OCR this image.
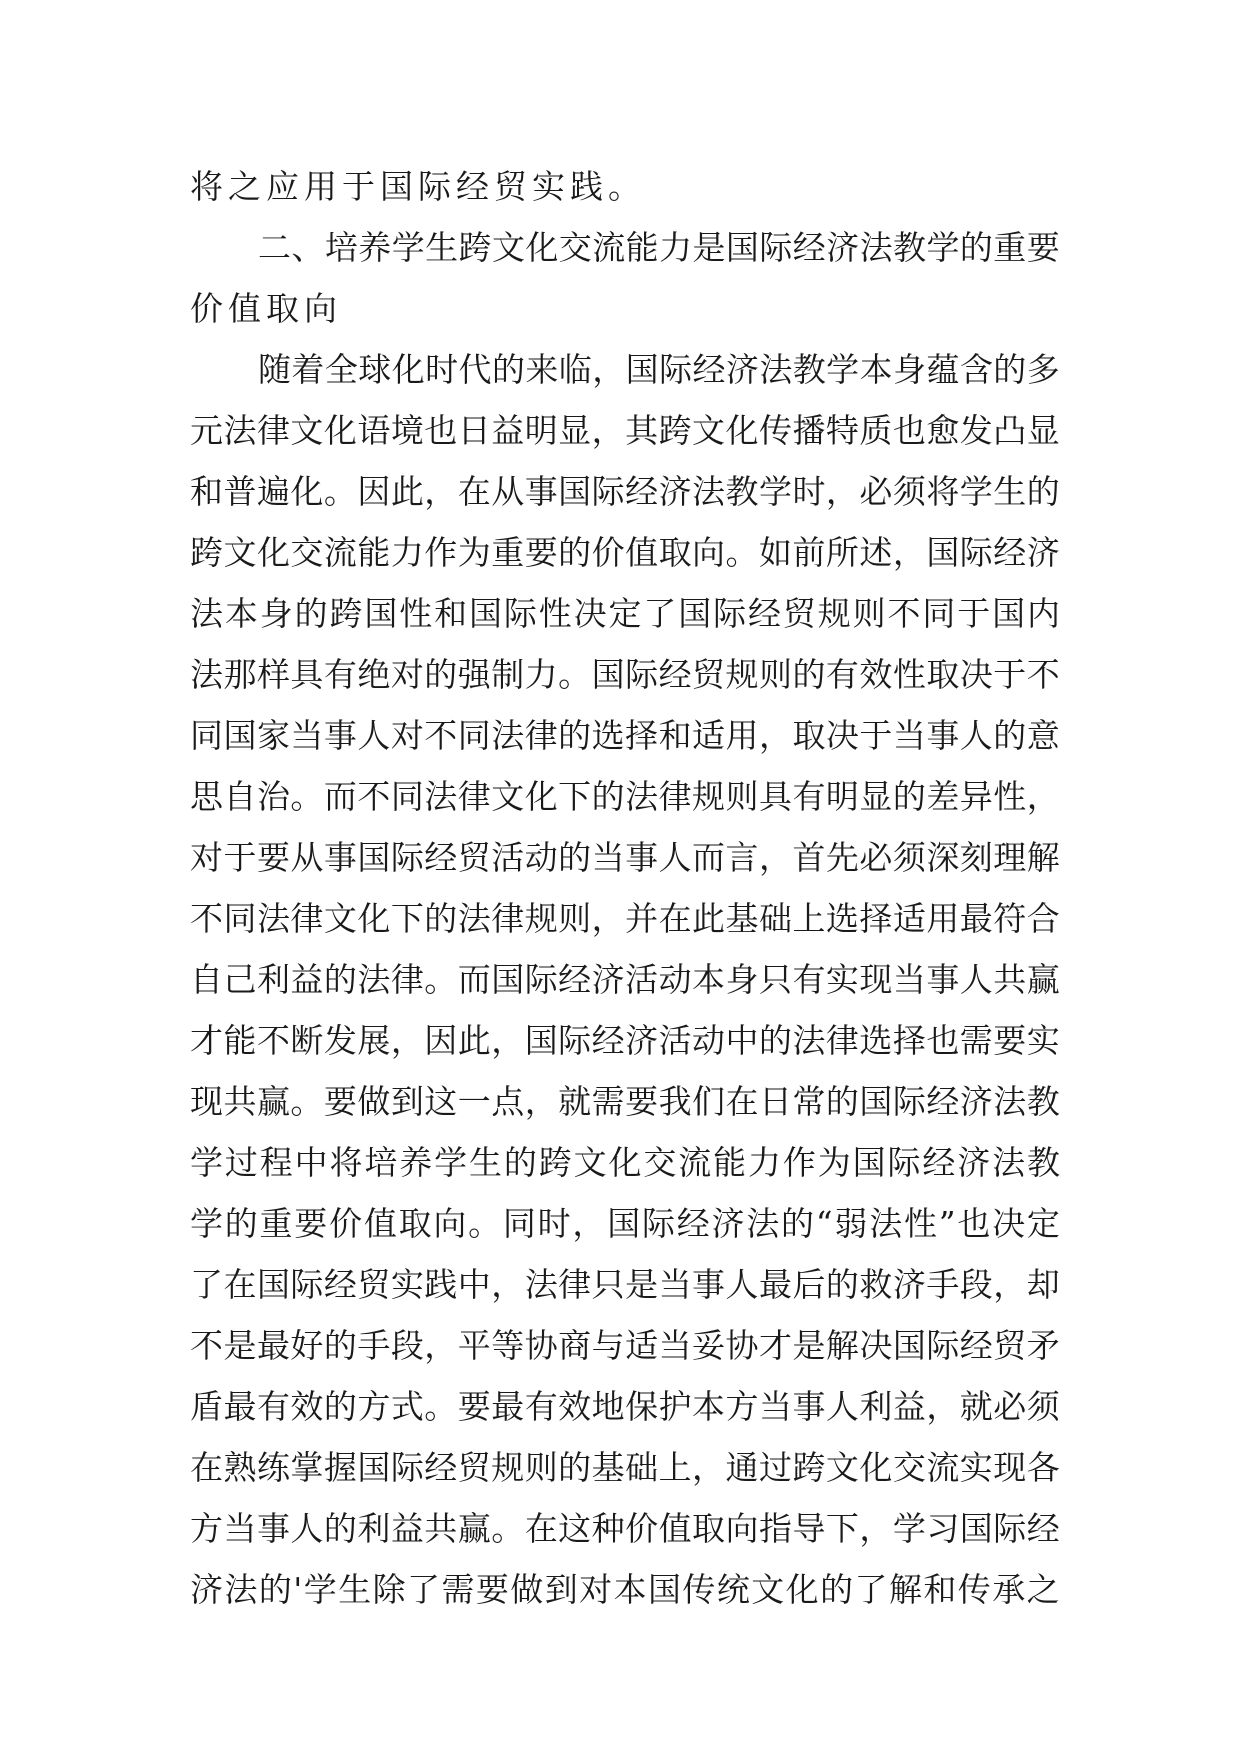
将 之 应 用 于 国 际 经 贸 实 践 。
二 、 培 养 学 生 跨 文 化 交 流 能 力 是 国 际 经 济 法 教 学 的 重 要
价 值 取 向
随 着 全 球 化 时 代 的 来 临 ， 国 际 经 济 法 教 学 本 身 蕴 含 的 多
元 法 律 文 化 语 境 也 日 益 明 显 ， 其 跨 文 化 传 播 特 质 也 愈 发 凸 显
和 普 遍 化 。 因 此 ， 在 从 事 国 际 经 济 法 教 学 时 ， 必 须 将 学 生 的
跨 文 化 交 流 能 力 作 为 重 要 的 价 值 取 向 。 如 前 所 述 ， 国 际 经 济
法 本 身 的 跨 国 性 和 国 际 性 决 定 了 国 际 经 贸 规 则 不 同 于 国 内
法 那 样 具 有 绝 对 的 强 制 力 。 国 际 经 贸 规 则 的 有 效 性 取 决 于 不
同 国 家 当 事 人 对 不 同 法 律 的 选 择 和 适 用 ， 取 决 于 当 事 人 的 意
思 自 治 。 而 不 同 法 律 文 化 下 的 法 律 规 则 具 有 明 显 的 差 异 性 ，
对 于 要 从 事 国 际 经 贸 活 动 的 当 事 人 而 言 ， 首 先 必 须 深 刻 理 解
不 同 法 律 文 化 下 的 法 律 规 则 ， 并 在 此 基 础 上 选 择 适 用 最 符 合
自 己 利 益 的 法 律 。 而 国 际 经 济 活 动 本 身 只 有 实 现 当 事 人 共 赢
才 能 不 断 发 展 ， 因 此 ， 国 际 经 济 活 动 中 的 法 律 选 择 也 需 要 实
现 共 赢 。 要 做 到 这 一 点 ， 就 需 要 我 们 在 日 常 的 国 际 经 济 法 教
学 过 程 中 将 培 养 学 生 的 跨 文 化 交 流 能 力 作 为 国 际 经 济 法 教
学 的 重 要 价 值 取 向 。 同 时 ， 国 际 经 济 法 的 “ 弱 法 性 ” 也 决 定
了 在 国 际 经 贸 实 践 中 ， 法 律 只 是 当 事 人 最 后 的 救 济 手 段 ， 却
不 是 最 好 的 手 段 ， 平 等 协 商 与 适 当 妥 协 才 是 解 决 国 际 经 贸 矛
盾 最 有 效 的 方 式 。 要 最 有 效 地 保 护 本 方 当 事 人 利 益 ， 就 必 须
在 熟 练 掌 握 国 际 经 贸 规 则 的 基 础 上 ， 通 过 跨 文 化 交 流 实 现 各
方 当 事 人 的 利 益 共 赢 。 在 这 种 价 值 取 向 指 导 下 ， 学 习 国 际 经
济 法 的 ' 学 生 除 了 需 要 做 到 对 本 国 传 统 文 化 的 了 解 和 传 承 之
